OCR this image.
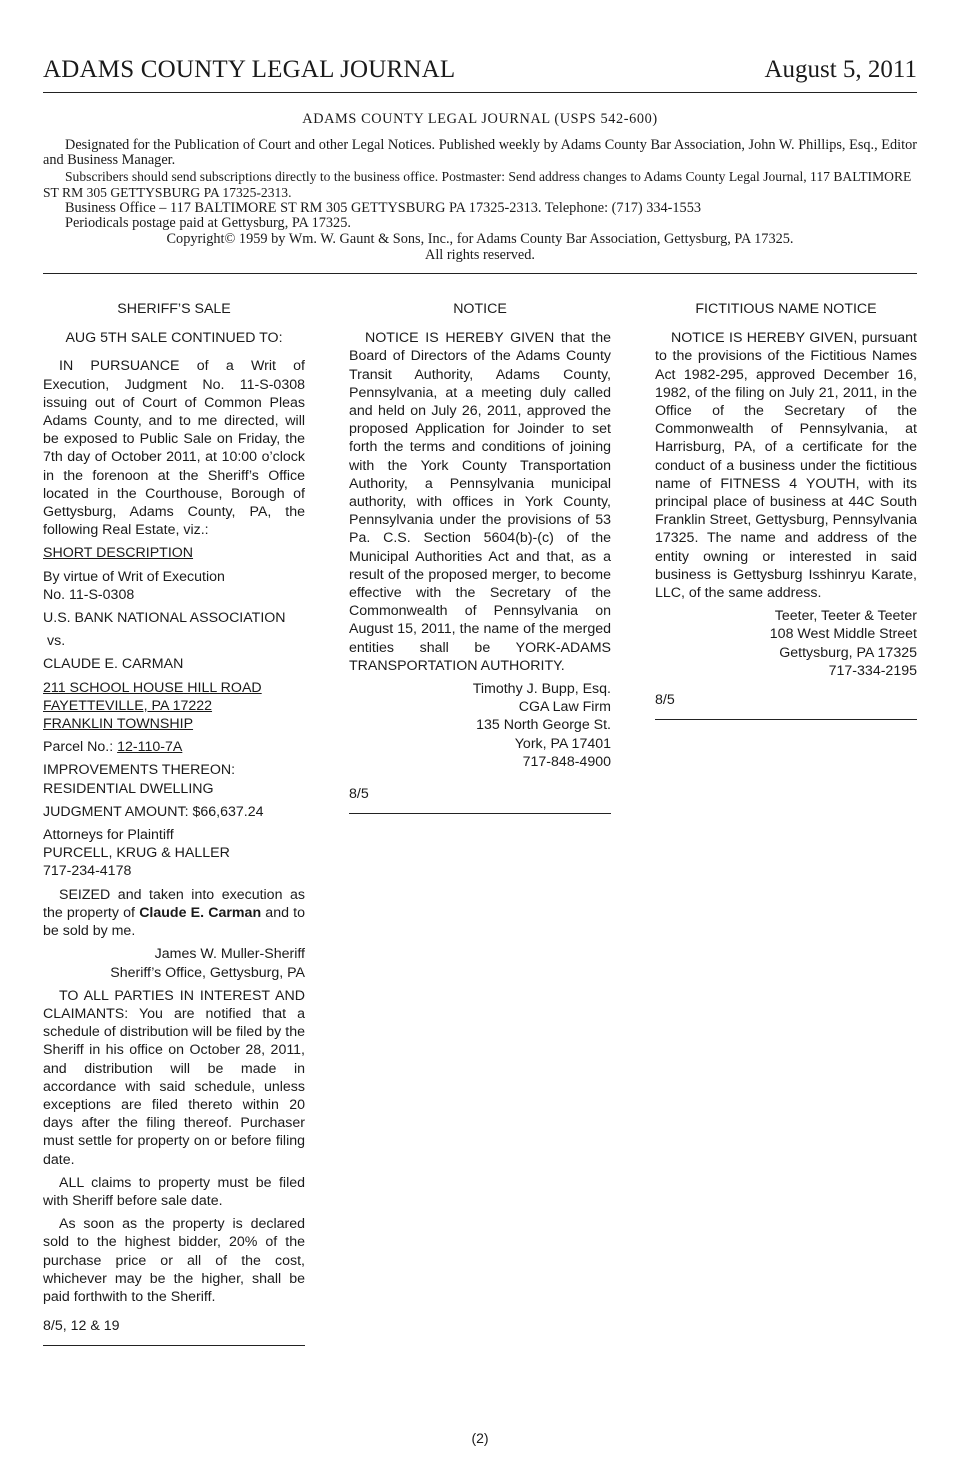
ADAMS COUNTY LEGAL JOURNAL	August 5, 2011
ADAMS COUNTY LEGAL JOURNAL (USPS 542-600)
Designated for the Publication of Court and other Legal Notices. Published weekly by Adams County Bar Association, John W. Phillips, Esq., Editor and Business Manager.
Subscribers should send subscriptions directly to the business office. Postmaster: Send address changes to Adams County Legal Journal, 117 BALTIMORE ST RM 305 GETTYSBURG PA 17325-2313.
Business Office – 117 BALTIMORE ST RM 305 GETTYSBURG PA 17325-2313. Telephone: (717) 334-1553
Periodicals postage paid at Gettysburg, PA 17325.
Copyright© 1959 by Wm. W. Gaunt & Sons, Inc., for Adams County Bar Association, Gettysburg, PA 17325.
All rights reserved.
SHERIFF’S SALE
AUG 5TH SALE CONTINUED TO:

IN PURSUANCE of a Writ of Execution, Judgment No. 11-S-0308 issuing out of Court of Common Pleas Adams County, and to me directed, will be exposed to Public Sale on Friday, the 7th day of October 2011, at 10:00 o’clock in the forenoon at the Sheriff’s Office located in the Courthouse, Borough of Gettysburg, Adams County, PA, the following Real Estate, viz.:

SHORT DESCRIPTION

By virtue of Writ of Execution
No. 11-S-0308

U.S. BANK NATIONAL ASSOCIATION

vs.

CLAUDE E. CARMAN

211 SCHOOL HOUSE HILL ROAD
FAYETTEVILLE, PA 17222
FRANKLIN TOWNSHIP

Parcel No.: 12-110-7A

IMPROVEMENTS THEREON:
RESIDENTIAL DWELLING

JUDGMENT AMOUNT: $66,637.24

Attorneys for Plaintiff
PURCELL, KRUG & HALLER
717-234-4178

SEIZED and taken into execution as the property of Claude E. Carman and to be sold by me.

James W. Muller-Sheriff
Sheriff’s Office, Gettysburg, PA

TO ALL PARTIES IN INTEREST AND CLAIMANTS: You are notified that a schedule of distribution will be filed by the Sheriff in his office on October 28, 2011, and distribution will be made in accordance with said schedule, unless exceptions are filed thereto within 20 days after the filing thereof. Purchaser must settle for property on or before filing date.

ALL claims to property must be filed with Sheriff before sale date.

As soon as the property is declared sold to the highest bidder, 20% of the purchase price or all of the cost, whichever may be the higher, shall be paid forthwith to the Sheriff.

8/5, 12 & 19
NOTICE

NOTICE IS HEREBY GIVEN that the Board of Directors of the Adams County Transit Authority, Adams County, Pennsylvania, at a meeting duly called and held on July 26, 2011, approved the proposed Application for Joinder to set forth the terms and conditions of joining with the York County Transportation Authority, a Pennsylvania municipal authority, with offices in York County, Pennsylvania under the provisions of 53 Pa. C.S. Section 5604(b)-(c) of the Municipal Authorities Act and that, as a result of the proposed merger, to become effective with the Secretary of the Commonwealth of Pennsylvania on August 15, 2011, the name of the merged entities shall be YORK-ADAMS TRANSPORTATION AUTHORITY.

Timothy J. Bupp, Esq.
CGA Law Firm
135 North George St.
York, PA 17401
717-848-4900
8/5
FICTITIOUS NAME NOTICE

NOTICE IS HEREBY GIVEN, pursuant to the provisions of the Fictitious Names Act 1982-295, approved December 16, 1982, of the filing on July 21, 2011, in the Office of the Secretary of the Commonwealth of Pennsylvania, at Harrisburg, PA, of a certificate for the conduct of a business under the fictitious name of FITNESS 4 YOUTH, with its principal place of business at 44C South Franklin Street, Gettysburg, Pennsylvania 17325. The name and address of the entity owning or interested in said business is Gettysburg Isshinryu Karate, LLC, of the same address.

Teeter, Teeter & Teeter
108 West Middle Street
Gettysburg, PA 17325
717-334-2195
8/5
(2)
